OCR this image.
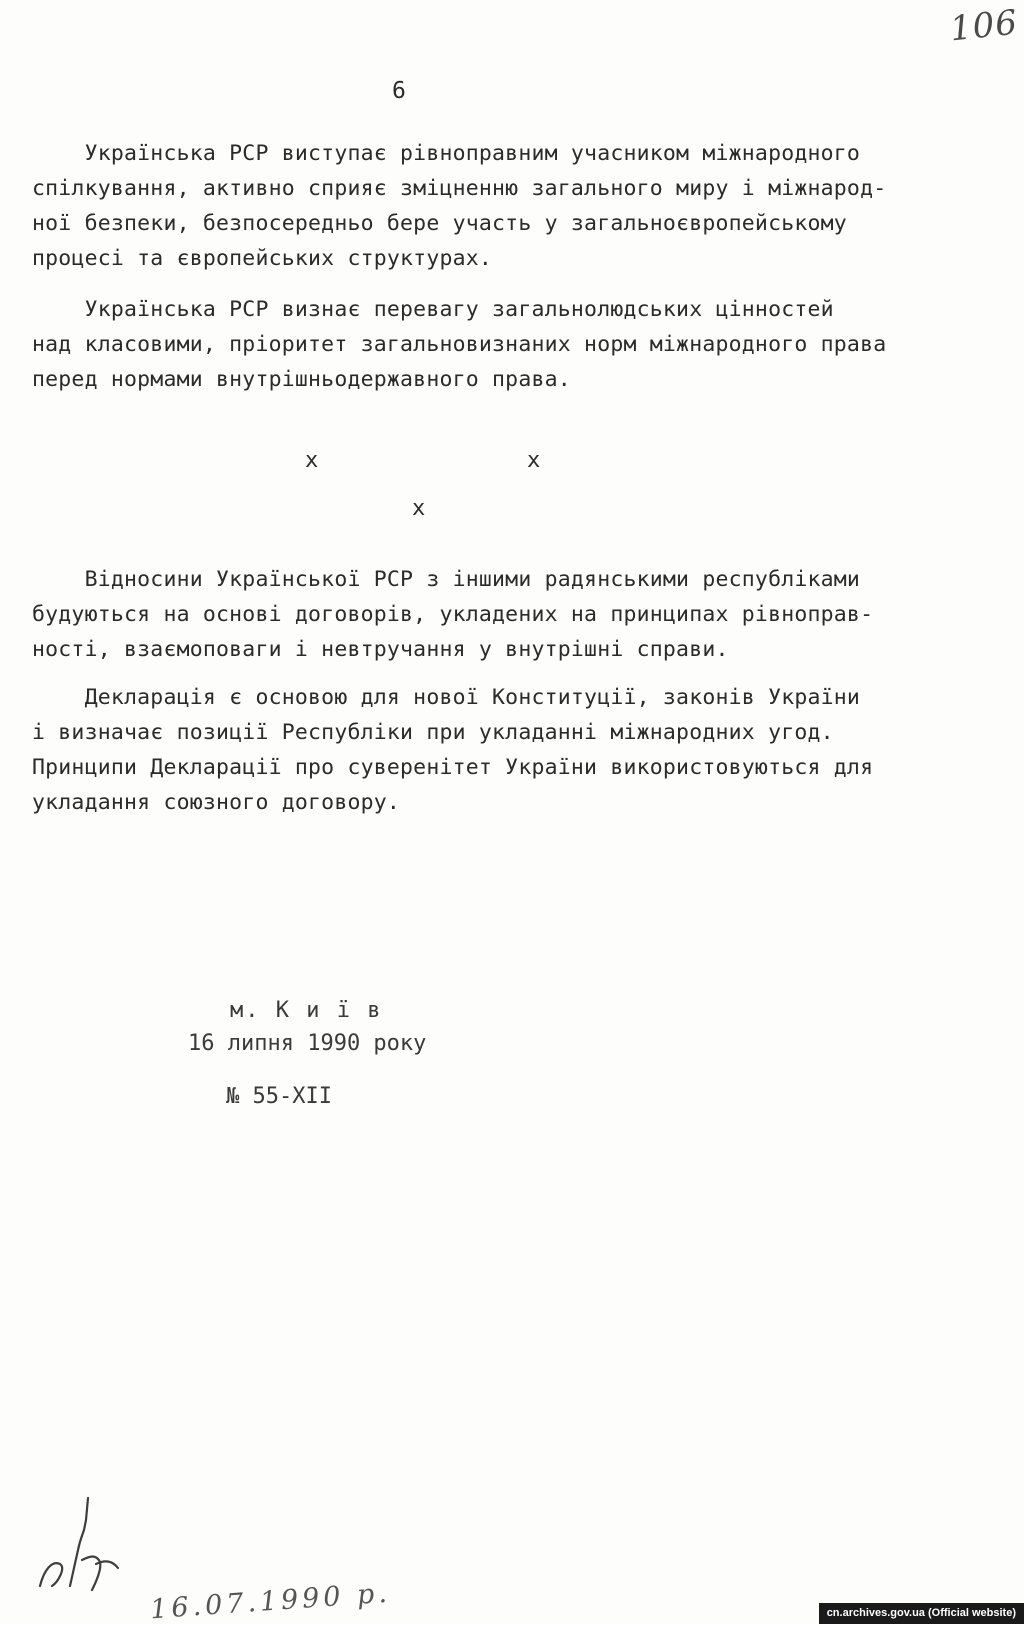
106
6

Українська РСР виступає рівноправним учасником міжнародного
спілкування, активно сприяє зміцненню загального миру і міжнарод-
ної безпеки, безпосередньо бере участь у загальноєвропейському
процесі та європейських структурах.

Українська РСР визнає перевагу загальнолюдських цінностей
над класовими, пріоритет загальновизнаних норм міжнародного права
перед нормами внутрішньодержавного права.

x	x
x

Відносини Української РСР з іншими радянськими республіками
будуються на основі договорів, укладених на принципах рівноправ-
ності, взаємоповаги і невтручання у внутрішні справи.

Декларація є основою для нової Конституції, законів України
і визначає позиції Республіки при укладанні міжнародних угод.
Принципи Декларації про суверенітет України використовуються для
укладання союзного договору.

м. К и ї в
16 липня 1990 року
№ 55-XII
16.07.1990 р.	cn.archives.gov.ua (Official website)
